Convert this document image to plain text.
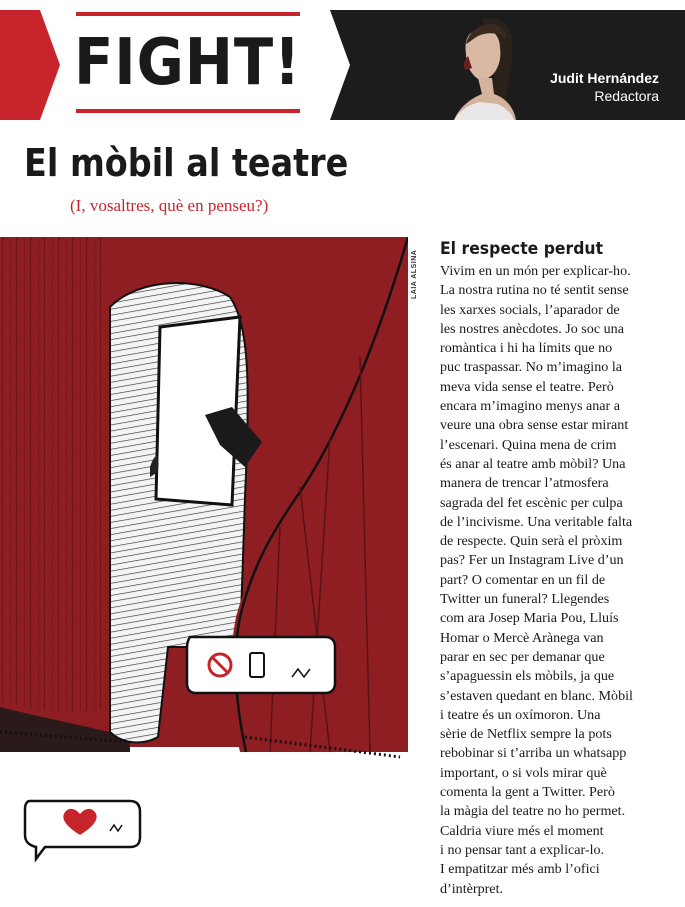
FIGHT!	Judit Hernández
Redactora
El mòbil al teatre
(I, vosaltres, què en penseu?)
LAIA ALSINA
El respecte perdut
Vivim en un món per explicar-ho.
La nostra rutina no té sentit sense
les xarxes socials, l’aparador de
les nostres anècdotes. Jo soc una
romàntica i hi ha límits que no
puc traspassar. No m’imagino la
meva vida sense el teatre. Però
encara m’imagino menys anar a
veure una obra sense estar mirant
l’escenari. Quina mena de crim
és anar al teatre amb mòbil? Una
manera de trencar l’atmosfera
sagrada del fet escènic per culpa
de l’incivisme. Una veritable falta
de respecte. Quin serà el pròxim
pas? Fer un Instagram Live d’un
part? O comentar en un fil de
Twitter un funeral? Llegendes
com ara Josep Maria Pou, Lluís
Homar o Mercè Arànega van
parar en sec per demanar que
s’apaguessin els mòbils, ja que
s’estaven quedant en blanc. Mòbil
i teatre és un oxímoron. Una
sèrie de Netflix sempre la pots
rebobinar si t’arriba un whatsapp
important, o si vols mirar què
comenta la gent a Twitter. Però
la màgia del teatre no ho permet.
Caldria viure més el moment
i no pensar tant a explicar-lo.
I empatitzar més amb l’ofici
d’intèrpret.
